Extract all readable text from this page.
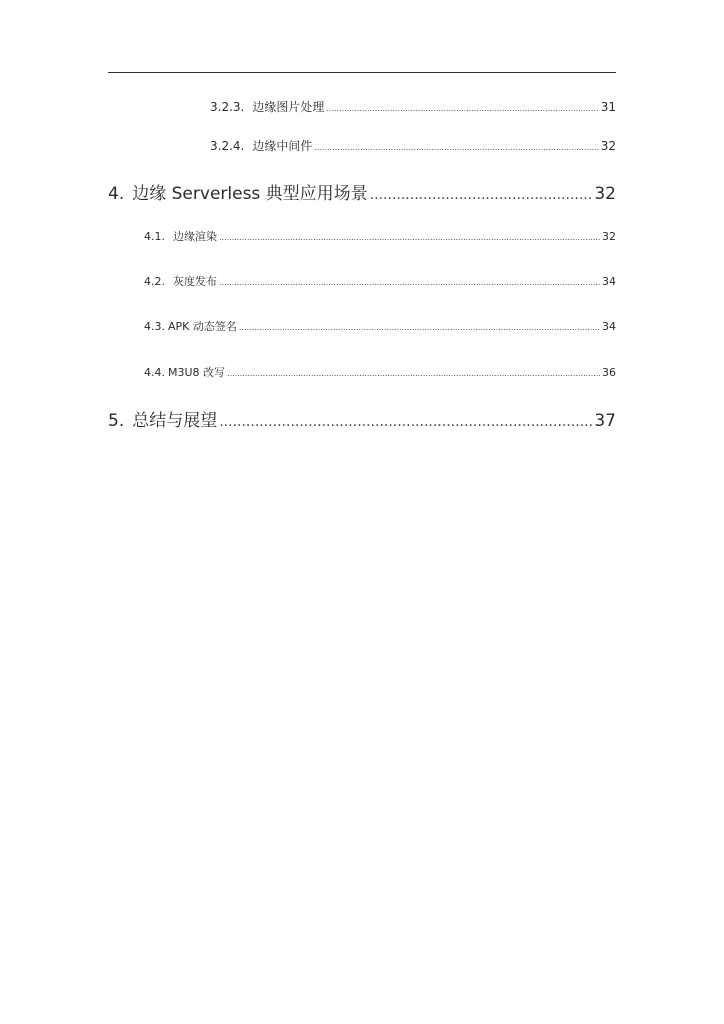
3.2.3. 边缘图片处理 .....	31
3.2.4. 边缘中间件 .....	32
4. 边缘 Serverless 典型应用场景 .....	32
4.1. 边缘渲染 .....	32
4.2. 灰度发布 .....	34
4.3. APK 动态签名 .....	34
4.4. M3U8 改写 .....	36
5. 总结与展望 .....	37
